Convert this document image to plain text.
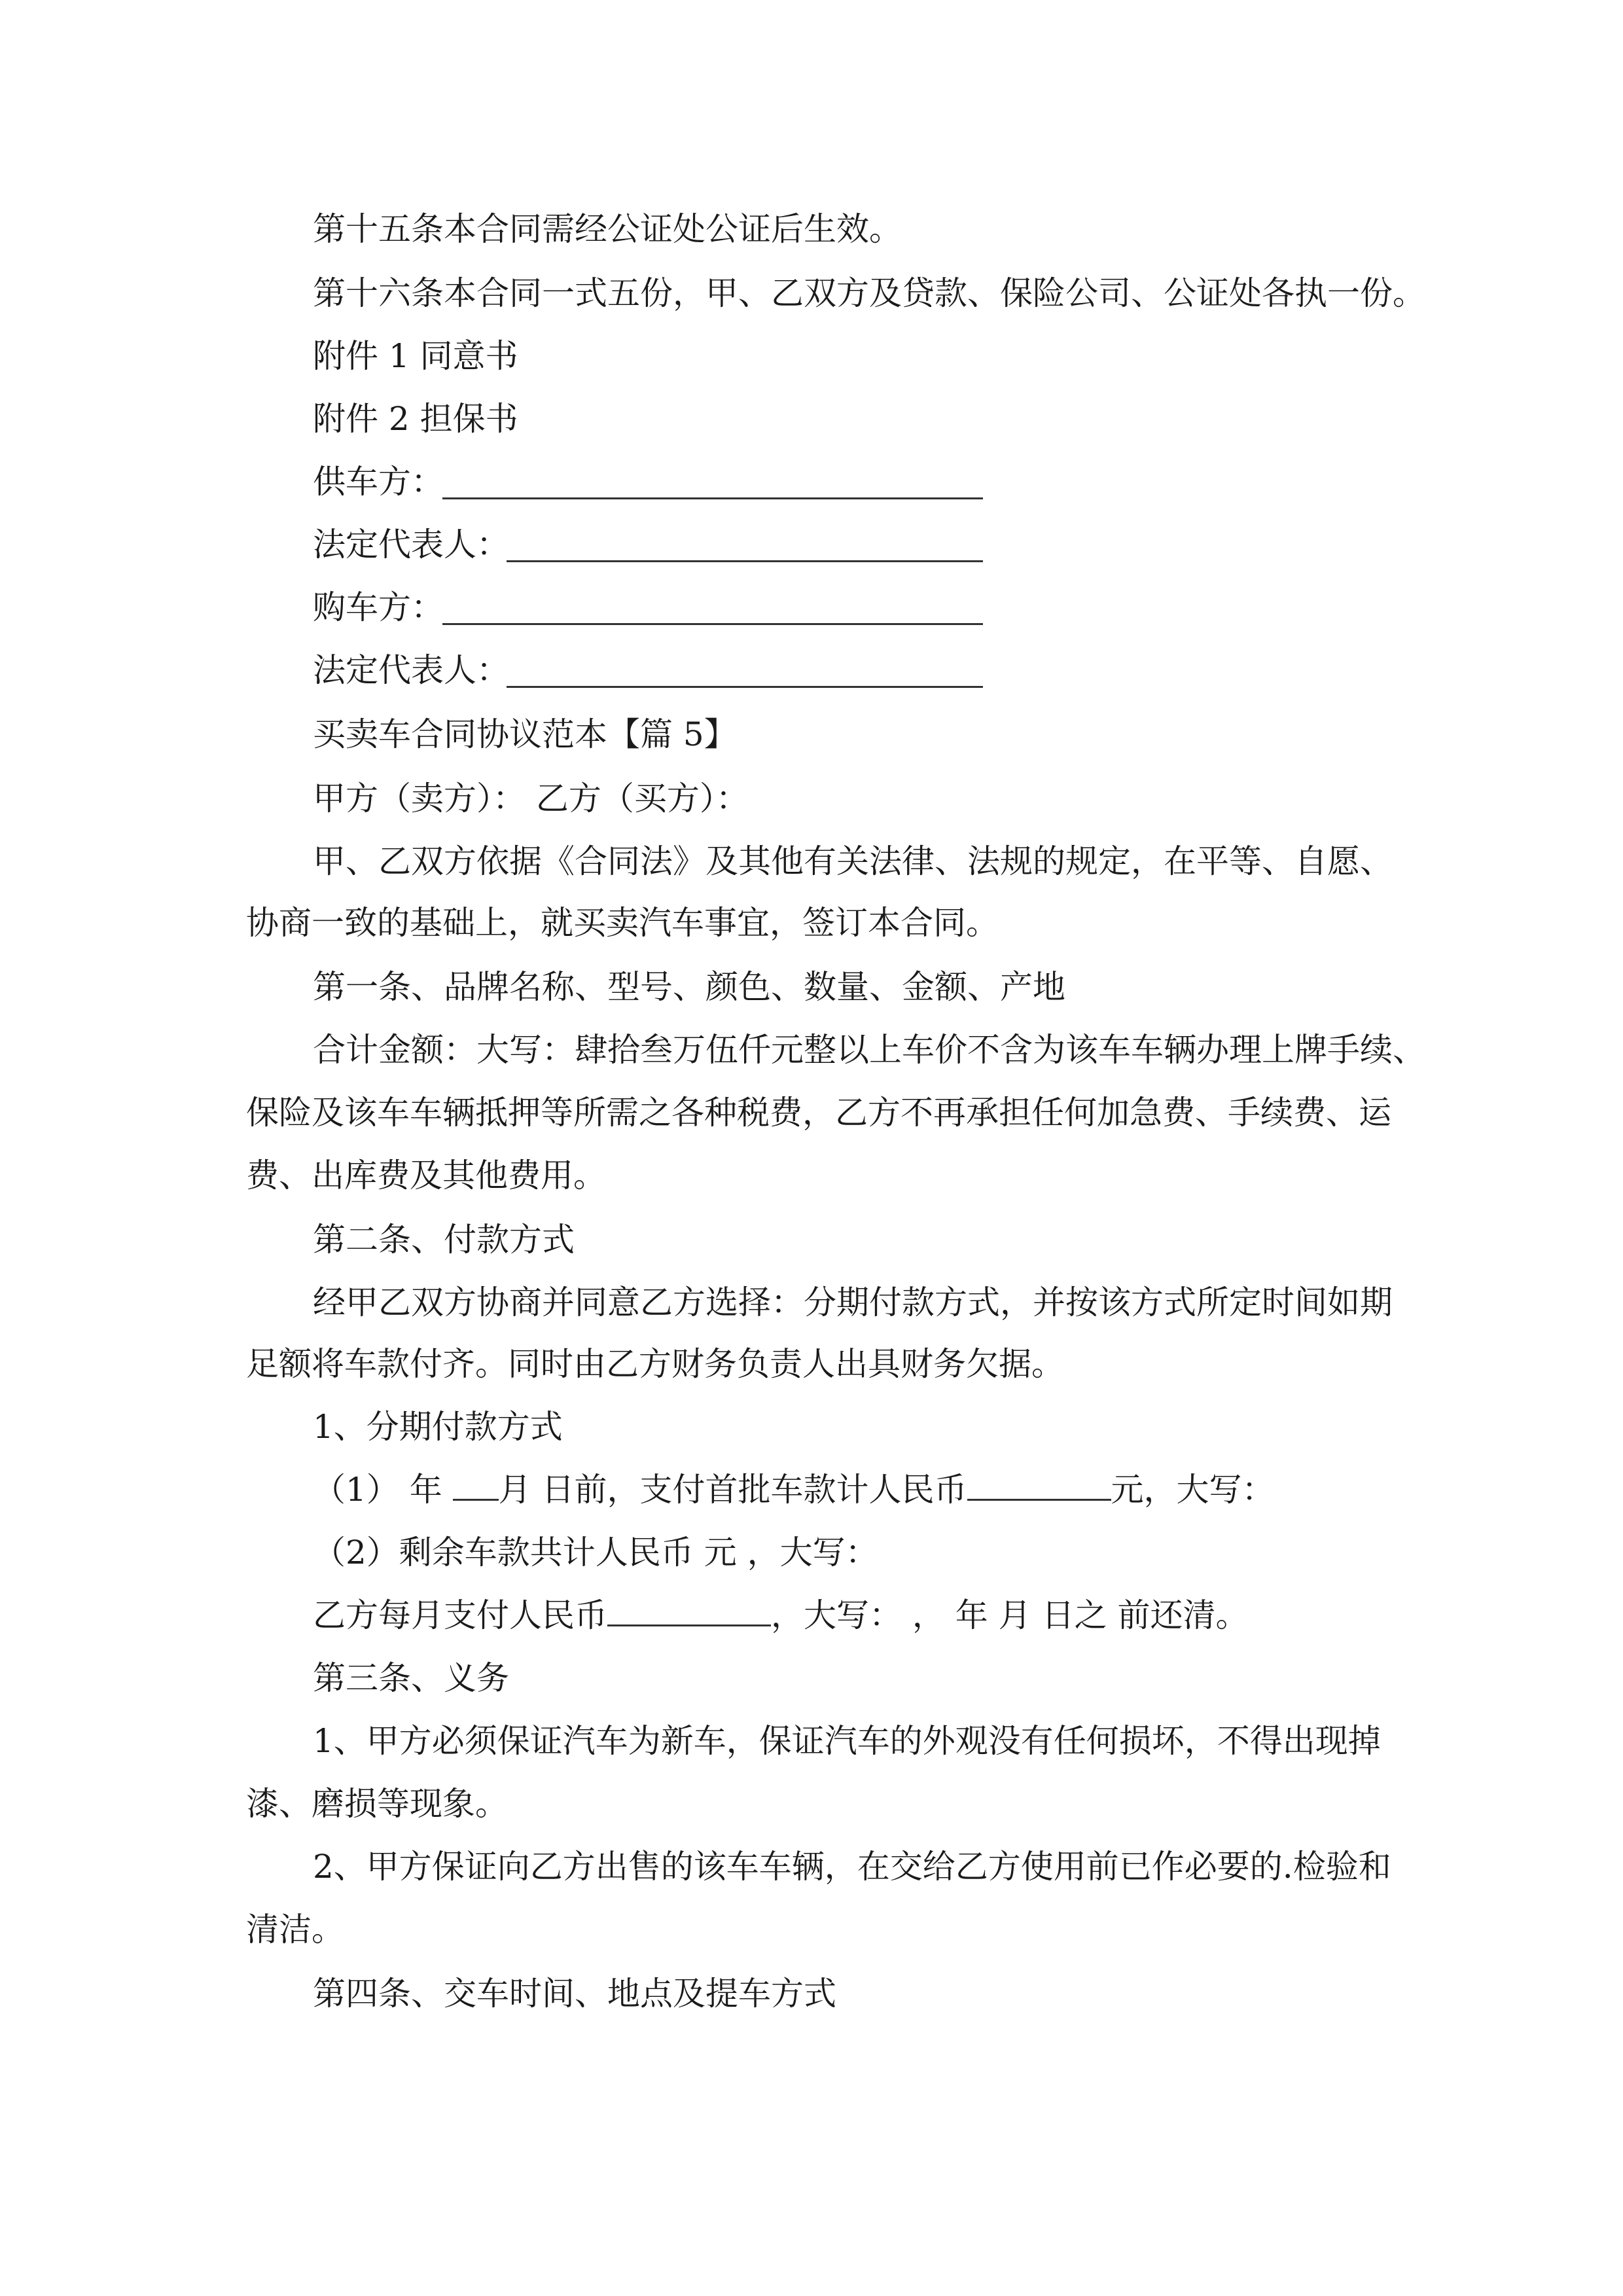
第十五条本合同需经公证处公证后生效。
第十六条本合同一式五份，甲、乙双方及贷款、保险公司、公证处各执一份。
附件 1 同意书
附件 2 担保书
供车方：
法定代表人：
购车方：
法定代表人：
买卖车合同协议范本【篇 5】
甲方（卖方）： 乙方（买方）：
甲、乙双方依据《合同法》及其他有关法律、法规的规定，在平等、自愿、
协商一致的基础上，就买卖汽车事宜，签订本合同。
第一条、品牌名称、型号、颜色、数量、金额、产地
合计金额：大写：肆拾叁万伍仟元整以上车价不含为该车车辆办理上牌手续、
保险及该车车辆抵押等所需之各种税费，乙方不再承担任何加急费、手续费、运
费、出库费及其他费用。
第二条、付款方式
经甲乙双方协商并同意乙方选择：分期付款方式，并按该方式所定时间如期
足额将车款付齐。同时由乙方财务负责人出具财务欠据。
1、分期付款方式
（1） 年 月 日前，支付首批车款计人民币	元，大写：
（2）剩余车款共计人民币 元 ，大写：
乙方每月支付人民币	，大写： ， 年 月 日之 前还清。
第三条、义务
1、甲方必须保证汽车为新车，保证汽车的外观没有任何损坏，不得出现掉
漆、磨损等现象。
2、甲方保证向乙方出售的该车车辆，在交给乙方使用前已作必要的.检验和
清洁。
第四条、交车时间、地点及提车方式
